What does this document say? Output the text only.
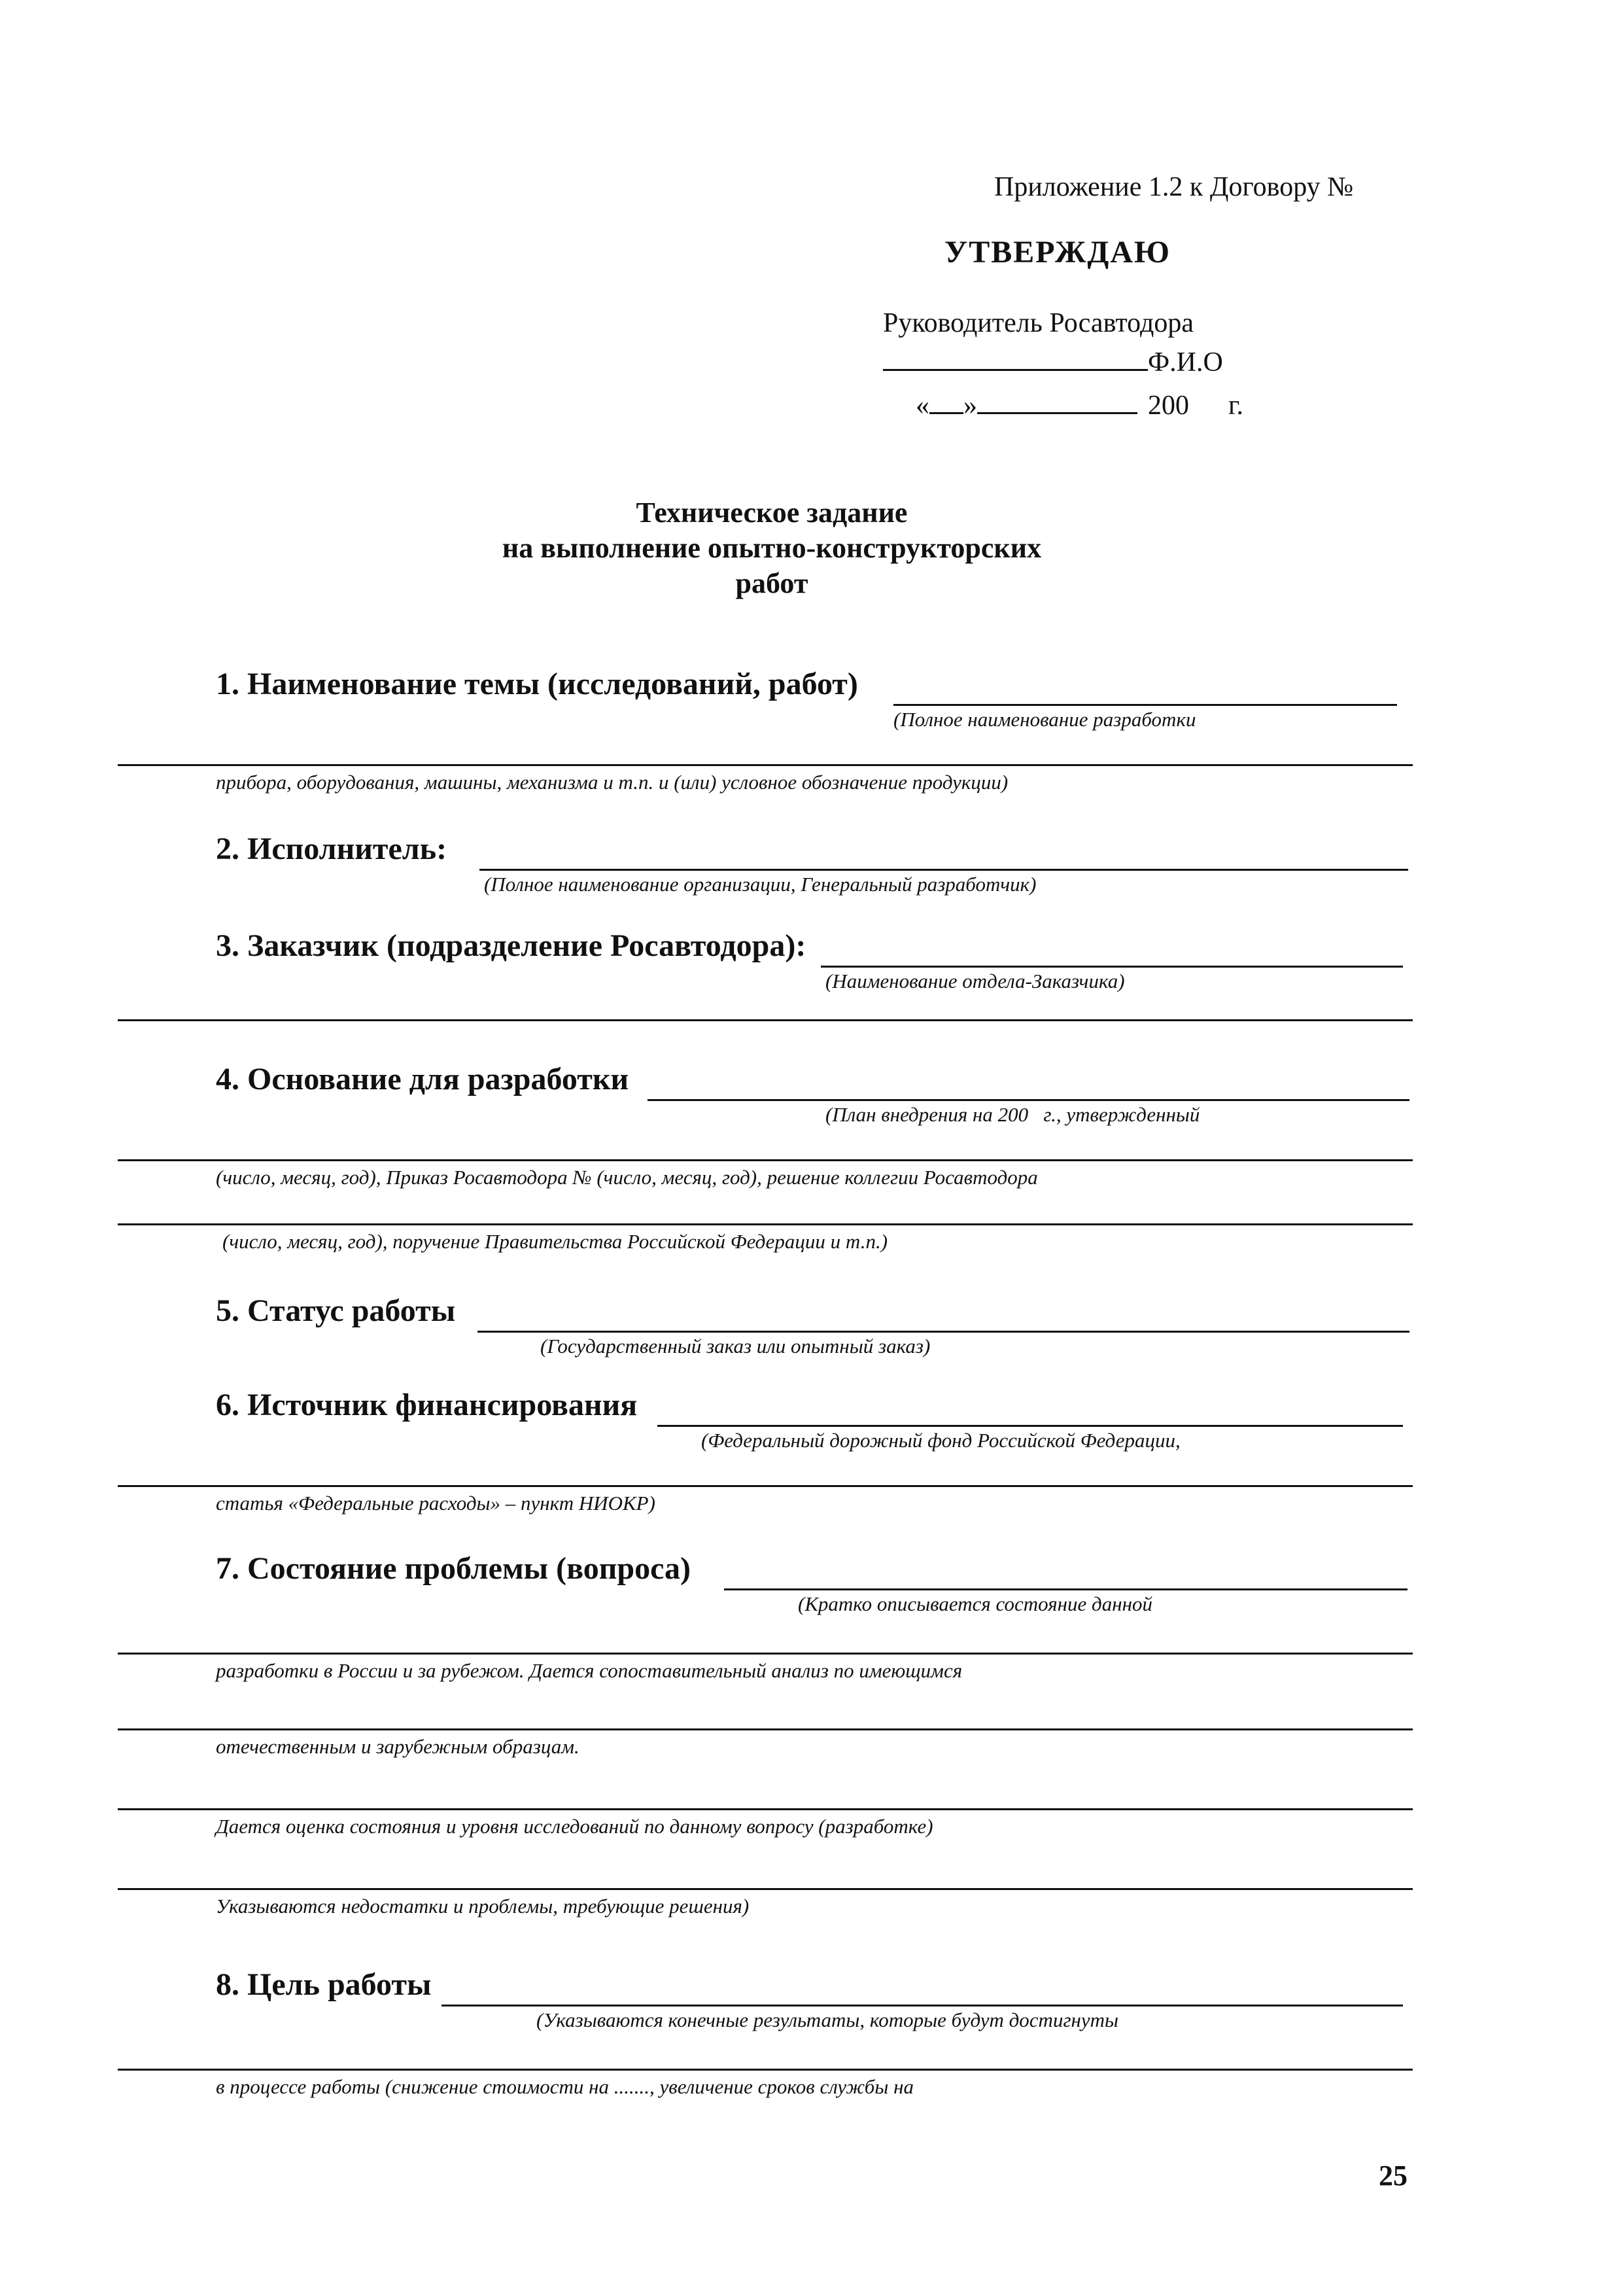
Приложение 1.2 к Договору №
УТВЕРЖДАЮ
Руководитель Росавтодора
Ф.И.О
« »	200 г.
Техническое задание
на выполнение опытно-конструкторских
работ
1. Наименование темы (исследований, работ)
(Полное наименование разработки
прибора, оборудования, машины, механизма и т.п. и (или) условное обозначение продукции)
2. Исполнитель:
(Полное наименование организации, Генеральный разработчик)
3. Заказчик (подразделение Росавтодора):
(Наименование отдела-Заказчика)
4. Основание для разработки
(План внедрения на 200   г., утвержденный
(число, месяц, год), Приказ Росавтодора № (число, месяц, год), решение коллегии Росавтодора
(число, месяц, год), поручение Правительства Российской Федерации и т.п.)
5. Статус работы
(Государственный заказ или опытный заказ)
6. Источник финансирования
(Федеральный дорожный фонд Российской Федерации,
статья «Федеральные расходы» – пункт НИОКР)
7. Состояние проблемы (вопроса)
(Кратко описывается состояние данной
разработки в России и за рубежом. Дается сопоставительный анализ по имеющимся
отечественным и зарубежным образцам.
Дается оценка состояния и уровня исследований по данному вопросу (разработке)
Указываются недостатки и проблемы, требующие решения)
8. Цель работы
(Указываются конечные результаты, которые будут достигнуты
в процессе работы (снижение стоимости на ......., увеличение сроков службы на
25
